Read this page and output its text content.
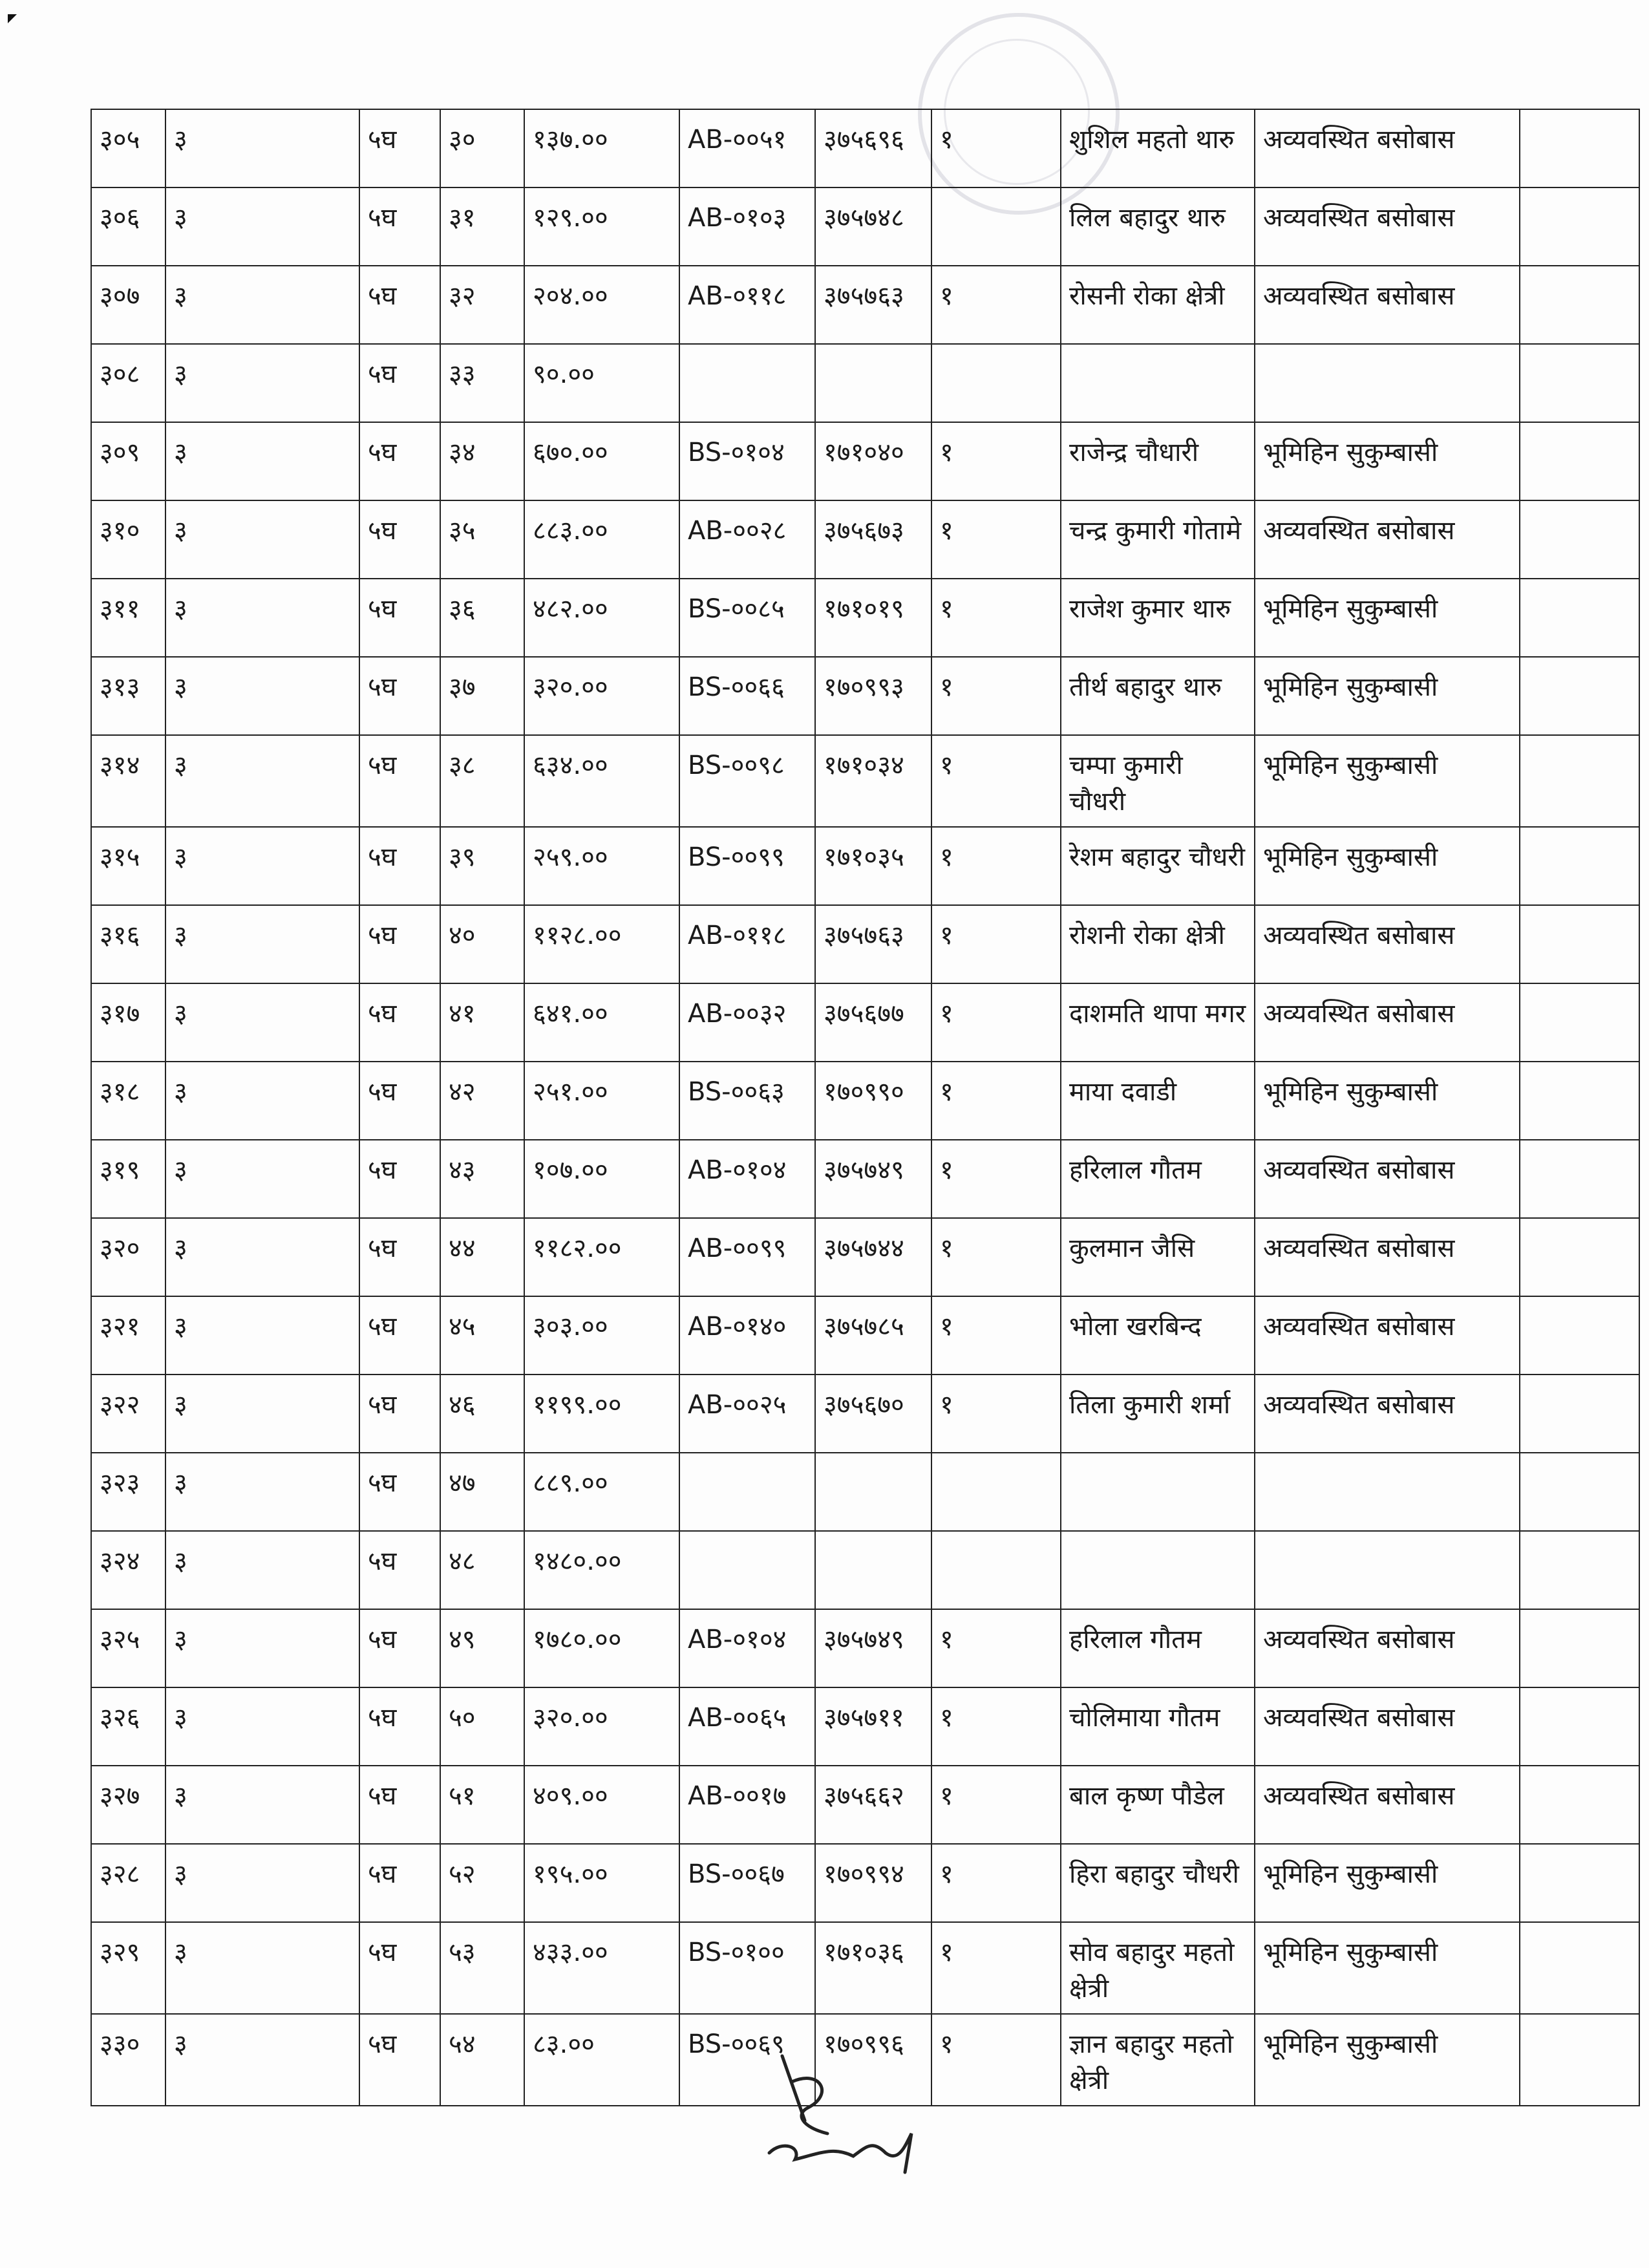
३०५	३	५घ	३०	१३७.००	AB-००५१	३७५६९६	१	शुशिल महतो थारु	अव्यवस्थित बसोबास	
३०६	३	५घ	३१	१२९.००	AB-०१०३	३७५७४८		लिल बहादुर थारु	अव्यवस्थित बसोबास	
३०७	३	५घ	३२	२०४.००	AB-०११८	३७५७६३	१	रोसनी रोका क्षेत्री	अव्यवस्थित बसोबास	
३०८	३	५घ	३३	९०.००						
३०९	३	५घ	३४	६७०.००	BS-०१०४	१७१०४०	१	राजेन्द्र चौधारी	भूमिहिन सुकुम्बासी	
३१०	३	५घ	३५	८८३.००	AB-००२८	३७५६७३	१	चन्द्र कुमारी गोतामे	अव्यवस्थित बसोबास	
३११	३	५घ	३६	४८२.००	BS-००८५	१७१०१९	१	राजेश कुमार थारु	भूमिहिन सुकुम्बासी	
३१३	३	५घ	३७	३२०.००	BS-००६६	१७०९९३	१	तीर्थ बहादुर थारु	भूमिहिन सुकुम्बासी	
३१४	३	५घ	३८	६३४.००	BS-००९८	१७१०३४	१	चम्पा कुमारी चौधरी	भूमिहिन सुकुम्बासी	
३१५	३	५घ	३९	२५९.००	BS-००९९	१७१०३५	१	रेशम बहादुर चौधरी	भूमिहिन सुकुम्बासी	
३१६	३	५घ	४०	११२८.००	AB-०११८	३७५७६३	१	रोशनी रोका क्षेत्री	अव्यवस्थित बसोबास	
३१७	३	५घ	४१	६४१.००	AB-००३२	३७५६७७	१	दाशमति थापा मगर	अव्यवस्थित बसोबास	
३१८	३	५घ	४२	२५१.००	BS-००६३	१७०९९०	१	माया दवाडी	भूमिहिन सुकुम्बासी	
३१९	३	५घ	४३	१०७.००	AB-०१०४	३७५७४९	१	हरिलाल गौतम	अव्यवस्थित बसोबास	
३२०	३	५घ	४४	११८२.००	AB-००९९	३७५७४४	१	कुलमान जैसि	अव्यवस्थित बसोबास	
३२१	३	५घ	४५	३०३.००	AB-०१४०	३७५७८५	१	भोला खरबिन्द	अव्यवस्थित बसोबास	
३२२	३	५घ	४६	११९९.००	AB-००२५	३७५६७०	१	तिला कुमारी शर्मा	अव्यवस्थित बसोबास	
३२३	३	५घ	४७	८८९.००						
३२४	३	५घ	४८	१४८०.००						
३२५	३	५घ	४९	१७८०.००	AB-०१०४	३७५७४९	१	हरिलाल गौतम	अव्यवस्थित बसोबास	
३२६	३	५घ	५०	३२०.००	AB-००६५	३७५७११	१	चोलिमाया गौतम	अव्यवस्थित बसोबास	
३२७	३	५घ	५१	४०९.००	AB-००१७	३७५६६२	१	बाल कृष्ण पौडेल	अव्यवस्थित बसोबास	
३२८	३	५घ	५२	१९५.००	BS-००६७	१७०९९४	१	हिरा बहादुर चौधरी	भूमिहिन सुकुम्बासी	
३२९	३	५घ	५३	४३३.००	BS-०१००	१७१०३६	१	सोव बहादुर महतो क्षेत्री	भूमिहिन सुकुम्बासी	
३३०	३	५घ	५४	८३.००	BS-००६९	१७०९९६	१	ज्ञान बहादुर महतो क्षेत्री	भूमिहिन सुकुम्बासी	
